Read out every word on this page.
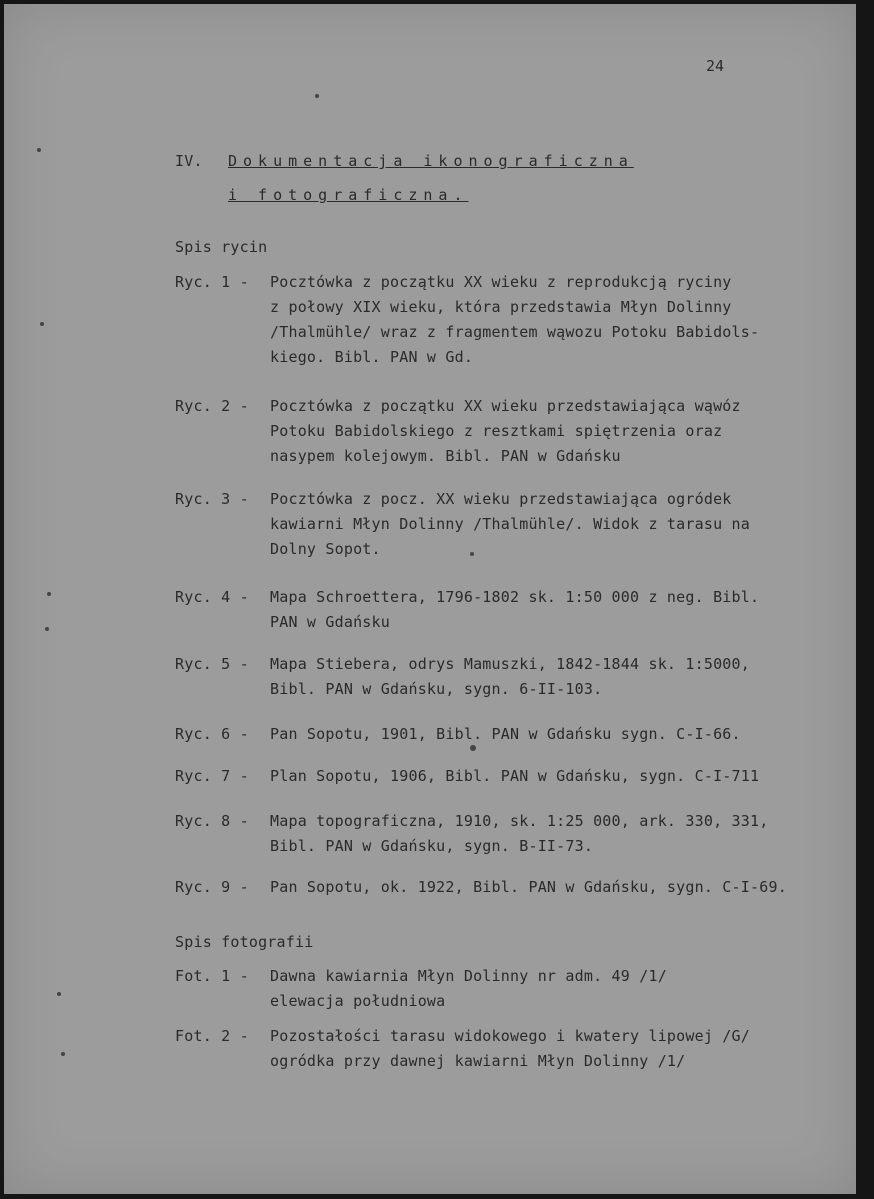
24
IV. Dokumentacja ikonograficzna
i fotograficzna.
Spis rycin
Ryc. 1 - Pocztówka z początku XX wieku z reprodukcją ryciny
z połowy XIX wieku, która przedstawia Młyn Dolinny
/Thalmühle/ wraz z fragmentem wąwozu Potoku Babidols-
kiego. Bibl. PAN w Gd.
Ryc. 2 - Pocztówka z początku XX wieku przedstawiająca wąwóz
Potoku Babidolskiego z resztkami spiętrzenia oraz
nasypem kolejowym. Bibl. PAN w Gdańsku
Ryc. 3 - Pocztówka z pocz. XX wieku przedstawiająca ogródek
kawiarni Młyn Dolinny /Thalmühle/. Widok z tarasu na
Dolny Sopot.
Ryc. 4 - Mapa Schroettera, 1796-1802 sk. 1:50 000 z neg. Bibl.
PAN w Gdańsku
Ryc. 5 - Mapa Stiebera, odrys Mamuszki, 1842-1844 sk. 1:5000,
Bibl. PAN w Gdańsku, sygn. 6-II-103.
Ryc. 6 - Pan Sopotu, 1901, Bibl. PAN w Gdańsku sygn. C-I-66.
Ryc. 7 - Plan Sopotu, 1906, Bibl. PAN w Gdańsku, sygn. C-I-711
Ryc. 8 - Mapa topograficzna, 1910, sk. 1:25 000, ark. 330, 331,
Bibl. PAN w Gdańsku, sygn. B-II-73.
Ryc. 9 - Pan Sopotu, ok. 1922, Bibl. PAN w Gdańsku, sygn. C-I-69.
Spis fotografii
Fot. 1 - Dawna kawiarnia Młyn Dolinny nr adm. 49 /1/
elewacja południowa
Fot. 2 - Pozostałości tarasu widokowego i kwatery lipowej /G/
ogródka przy dawnej kawiarni Młyn Dolinny /1/
